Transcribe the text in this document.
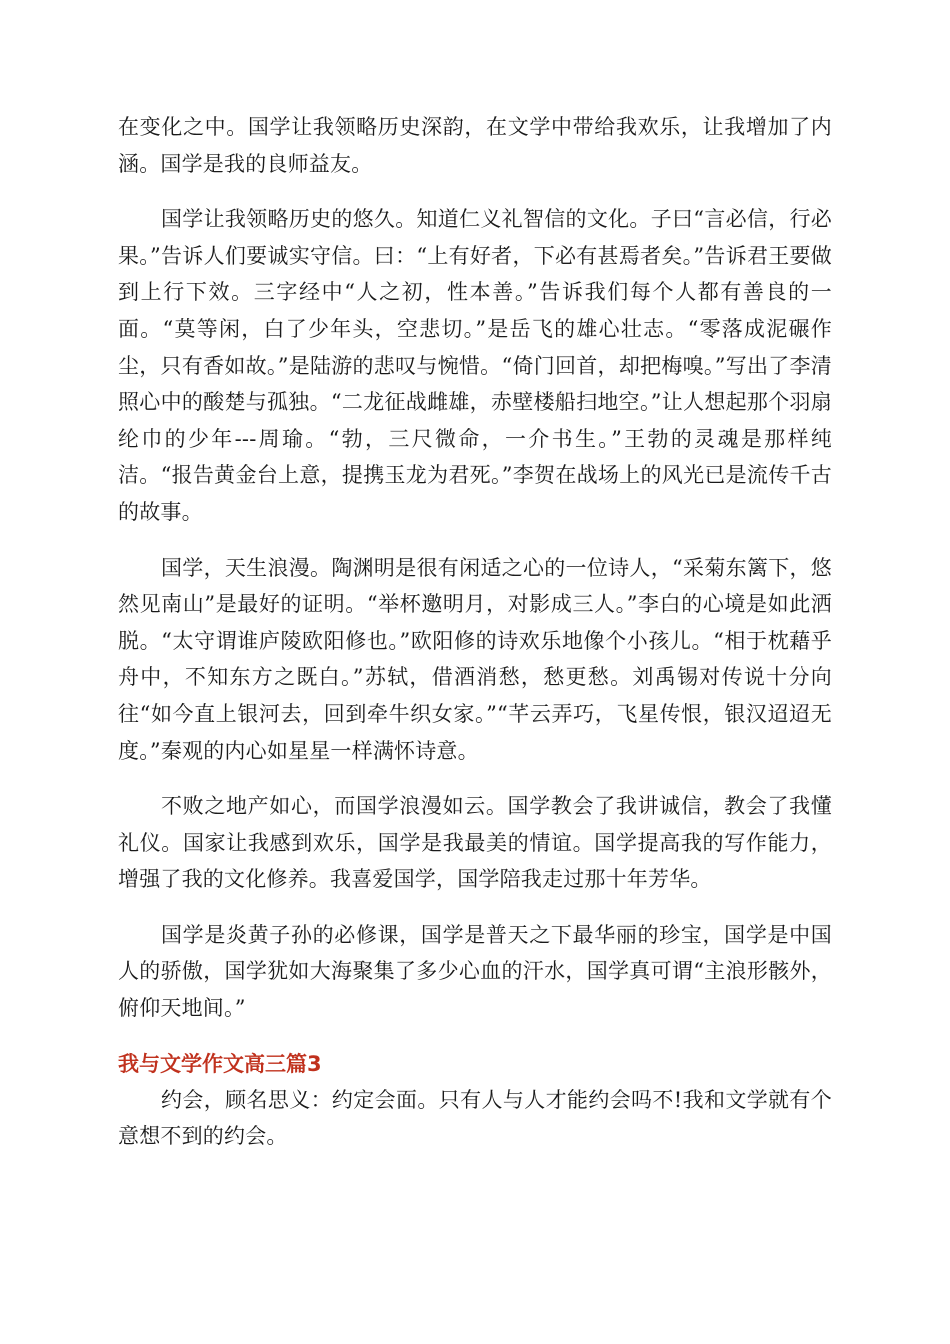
在变化之中。国学让我领略历史深韵，在文学中带给我欢乐，让我增加了内涵。国学是我的良师益友。

国学让我领略历史的悠久。知道仁义礼智信的文化。子曰“言必信，行必果。”告诉人们要诚实守信。曰：“上有好者，下必有甚焉者矣。”告诉君王要做到上行下效。三字经中“人之初，性本善。”告诉我们每个人都有善良的一面。“莫等闲，白了少年头，空悲切。”是岳飞的雄心壮志。“零落成泥碾作尘，只有香如故。”是陆游的悲叹与惋惜。“倚门回首，却把梅嗅。”写出了李清照心中的酸楚与孤独。“二龙征战雌雄，赤壁楼船扫地空。”让人想起那个羽扇纶巾的少年---周瑜。“勃，三尺微命，一介书生。”王勃的灵魂是那样纯洁。“报告黄金台上意，提携玉龙为君死。”李贺在战场上的风光已是流传千古的故事。

国学，天生浪漫。陶渊明是很有闲适之心的一位诗人，“采菊东篱下，悠然见南山”是最好的证明。“举杯邀明月，对影成三人。”李白的心境是如此洒脱。“太守谓谁庐陵欧阳修也。”欧阳修的诗欢乐地像个小孩儿。“相于枕藉乎舟中，不知东方之既白。”苏轼，借酒消愁，愁更愁。刘禹锡对传说十分向往“如今直上银河去，回到牵牛织女家。”“芊云弄巧，飞星传恨，银汉迢迢无度。”秦观的内心如星星一样满怀诗意。

不败之地产如心，而国学浪漫如云。国学教会了我讲诚信，教会了我懂礼仪。国家让我感到欢乐，国学是我最美的情谊。国学提高我的写作能力，增强了我的文化修养。我喜爱国学，国学陪我走过那十年芳华。

国学是炎黄子孙的必修课，国学是普天之下最华丽的珍宝，国学是中国人的骄傲，国学犹如大海聚集了多少心血的汗水，国学真可谓“主浪形骸外，俯仰天地间。”

我与文学作文高三篇3

约会，顾名思义：约定会面。只有人与人才能约会吗不!我和文学就有个意想不到的约会。
